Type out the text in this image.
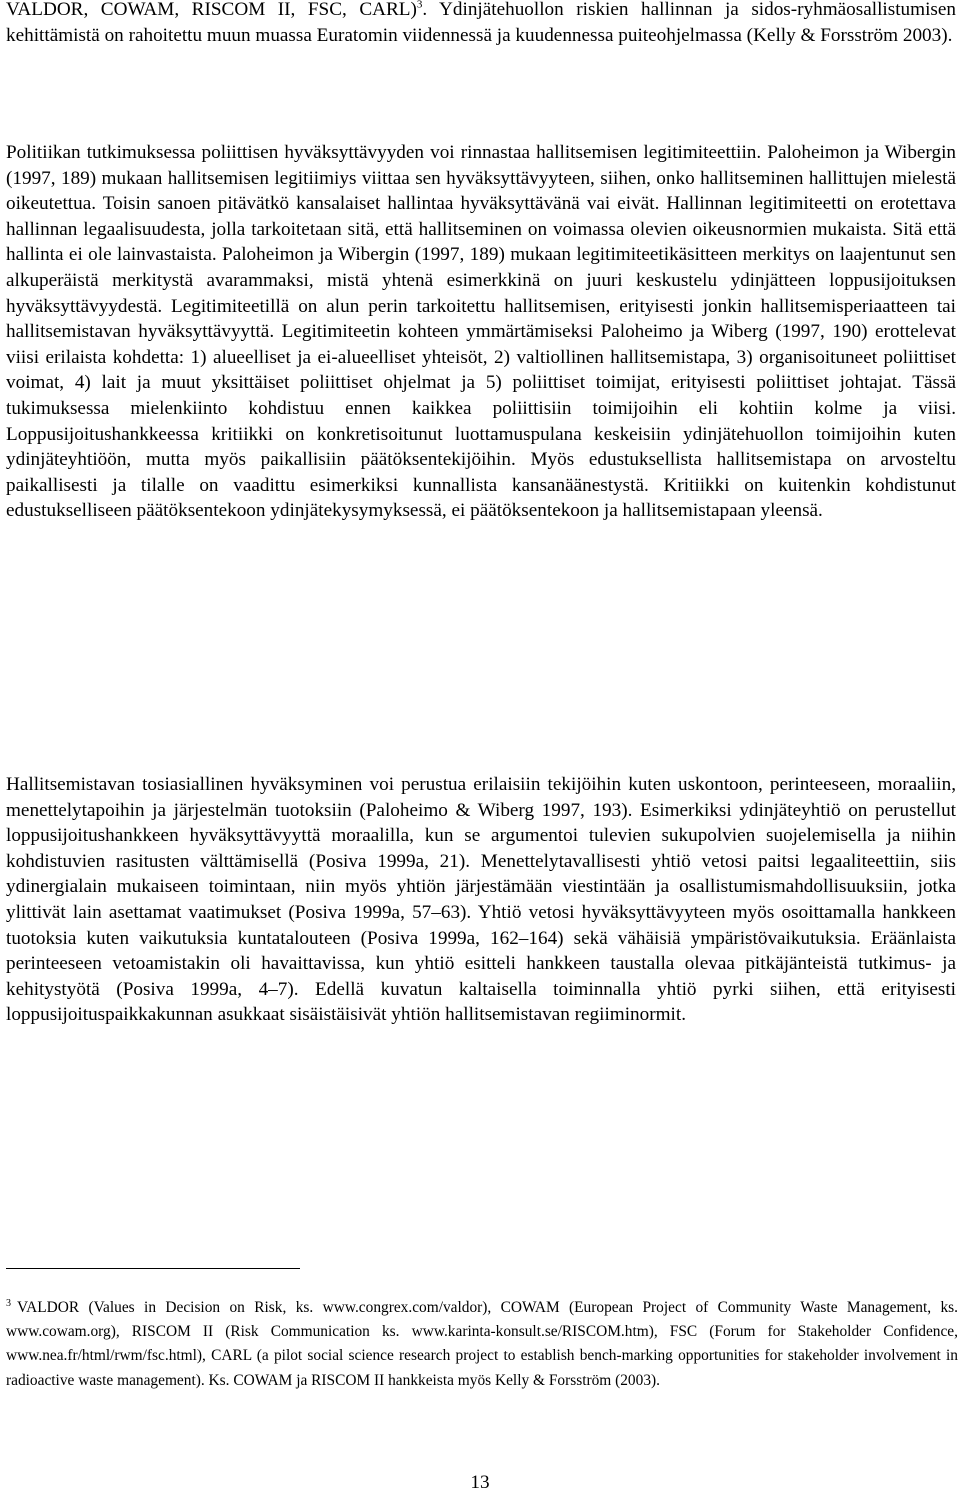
VALDOR, COWAM, RISCOM II, FSC, CARL)$^3$. Ydinjätehuollon riskien hallinnan ja sidos-ryhmäosallistumisen kehittämistä on rahoitettu muun muassa Euratomin viidennessä ja kuudennessa puiteohjelmassa (Kelly & Forsström 2003).

Politiikan tutkimuksessa poliittisen hyväksyttävyyden voi rinnastaa hallitsemisen legitimiteettiin. Paloheimon ja Wibergin (1997, 189) mukaan hallitsemisen legitiimiys viittaa sen hyväksyttävyyteen, siihen, onko hallitseminen hallittujen mielestä oikeutettua. Toisin sanoen pitävätkö kansalaiset hallintaa hyväksyttävänä vai eivät. Hallinnan legitimiteetti on erotettava hallinnan legaalisuudesta, jolla tarkoitetaan sitä, että hallitseminen on voimassa olevien oikeusnormien mukaista. Sitä että hallinta ei ole lainvastaista. Paloheimon ja Wibergin (1997, 189) mukaan legitimiteetikäsitteen merkitys on laajentunut sen alkuperäistä merkitystä avarammaksi, mistä yhtenä esimerkkinä on juuri keskustelu ydinjätteen loppusijoituksen hyväksyttävyydestä. Legitimiteetillä on alun perin tarkoitettu hallitsemisen, erityisesti jonkin hallitsemisperiaatteen tai hallitsemistavan hyväksyttävyyttä. Legitimiteetin kohteen ymmärtämiseksi Paloheimo ja Wiberg (1997, 190) erottelevat viisi erilaista kohdetta: 1) alueelliset ja ei-alueelliset yhteisöt, 2) valtiollinen hallitsemistapa, 3) organisoituneet poliittiset voimat, 4) lait ja muut yksittäiset poliittiset ohjelmat ja 5) poliittiset toimijat, erityisesti poliittiset johtajat. Tässä tukimuksessa mielenkiinto kohdistuu ennen kaikkea poliittisiin toimijoihin eli kohtiin kolme ja viisi. Loppusijoitushankkeessa kritiikki on konkretisoitunut luottamuspulana keskeisiin ydinjätehuollon toimijoihin kuten ydinjäteyhtiöön, mutta myös paikallisiin päätöksentekijöihin. Myös edustuksellista hallitsemistapa on arvosteltu paikallisesti ja tilalle on vaadittu esimerkiksi kunnallista kansanäänestystä. Kritiikki on kuitenkin kohdistunut edustukselliseen päätöksentekoon ydinjätekysymyksessä, ei päätöksentekoon ja hallitsemistapaan yleensä.

Hallitsemistavan tosiasiallinen hyväksyminen voi perustua erilaisiin tekijöihin kuten uskontoon, perinteeseen, moraaliin, menettelytapoihin ja järjestelmän tuotoksiin (Paloheimo & Wiberg 1997, 193). Esimerkiksi ydinjäteyhtiö on perustellut loppusijoitushankkeen hyväksyttävyyttä moraalilla, kun se argumentoi tulevien sukupolvien suojelemisella ja niihin kohdistuvien rasitusten välttämisellä (Posiva 1999a, 21). Menettelytavallisesti yhtiö vetosi paitsi legaaliteettiin, siis ydinergialain mukaiseen toimintaan, niin myös yhtiön järjestämään viestintään ja osallistumismahdollisuuksiin, jotka ylittivät lain asettamat vaatimukset (Posiva 1999a, 57–63). Yhtiö vetosi hyväksyttävyyteen myös osoittamalla hankkeen tuotoksia kuten vaikutuksia kuntatalouteen (Posiva 1999a, 162–164) sekä vähäisiä ympäristövaikutuksia. Eräänlaista perinteeseen vetoamistakin oli havaittavissa, kun yhtiö esitteli hankkeen taustalla olevaa pitkäjänteistä tutkimus- ja kehitystyötä (Posiva 1999a, 4–7). Edellä kuvatun kaltaisella toiminnalla yhtiö pyrki siihen, että erityisesti loppusijoituspaikkakunnan asukkaat sisäistäisivät yhtiön hallitsemistavan regiiminormit.

$^3$ VALDOR (Values in Decision on Risk, ks. www.congrex.com/valdor), COWAM (European Project of Community Waste Management, ks. www.cowam.org), RISCOM II (Risk Communication ks. www.karinta-konsult.se/RISCOM.htm), FSC (Forum for Stakeholder Confidence, www.nea.fr/html/rwm/fsc.html), CARL (a pilot social science research project to establish bench-marking opportunities for stakeholder involvement in radioactive waste management). Ks. COWAM ja RISCOM II hankkeista myös Kelly & Forsström (2003).

13
